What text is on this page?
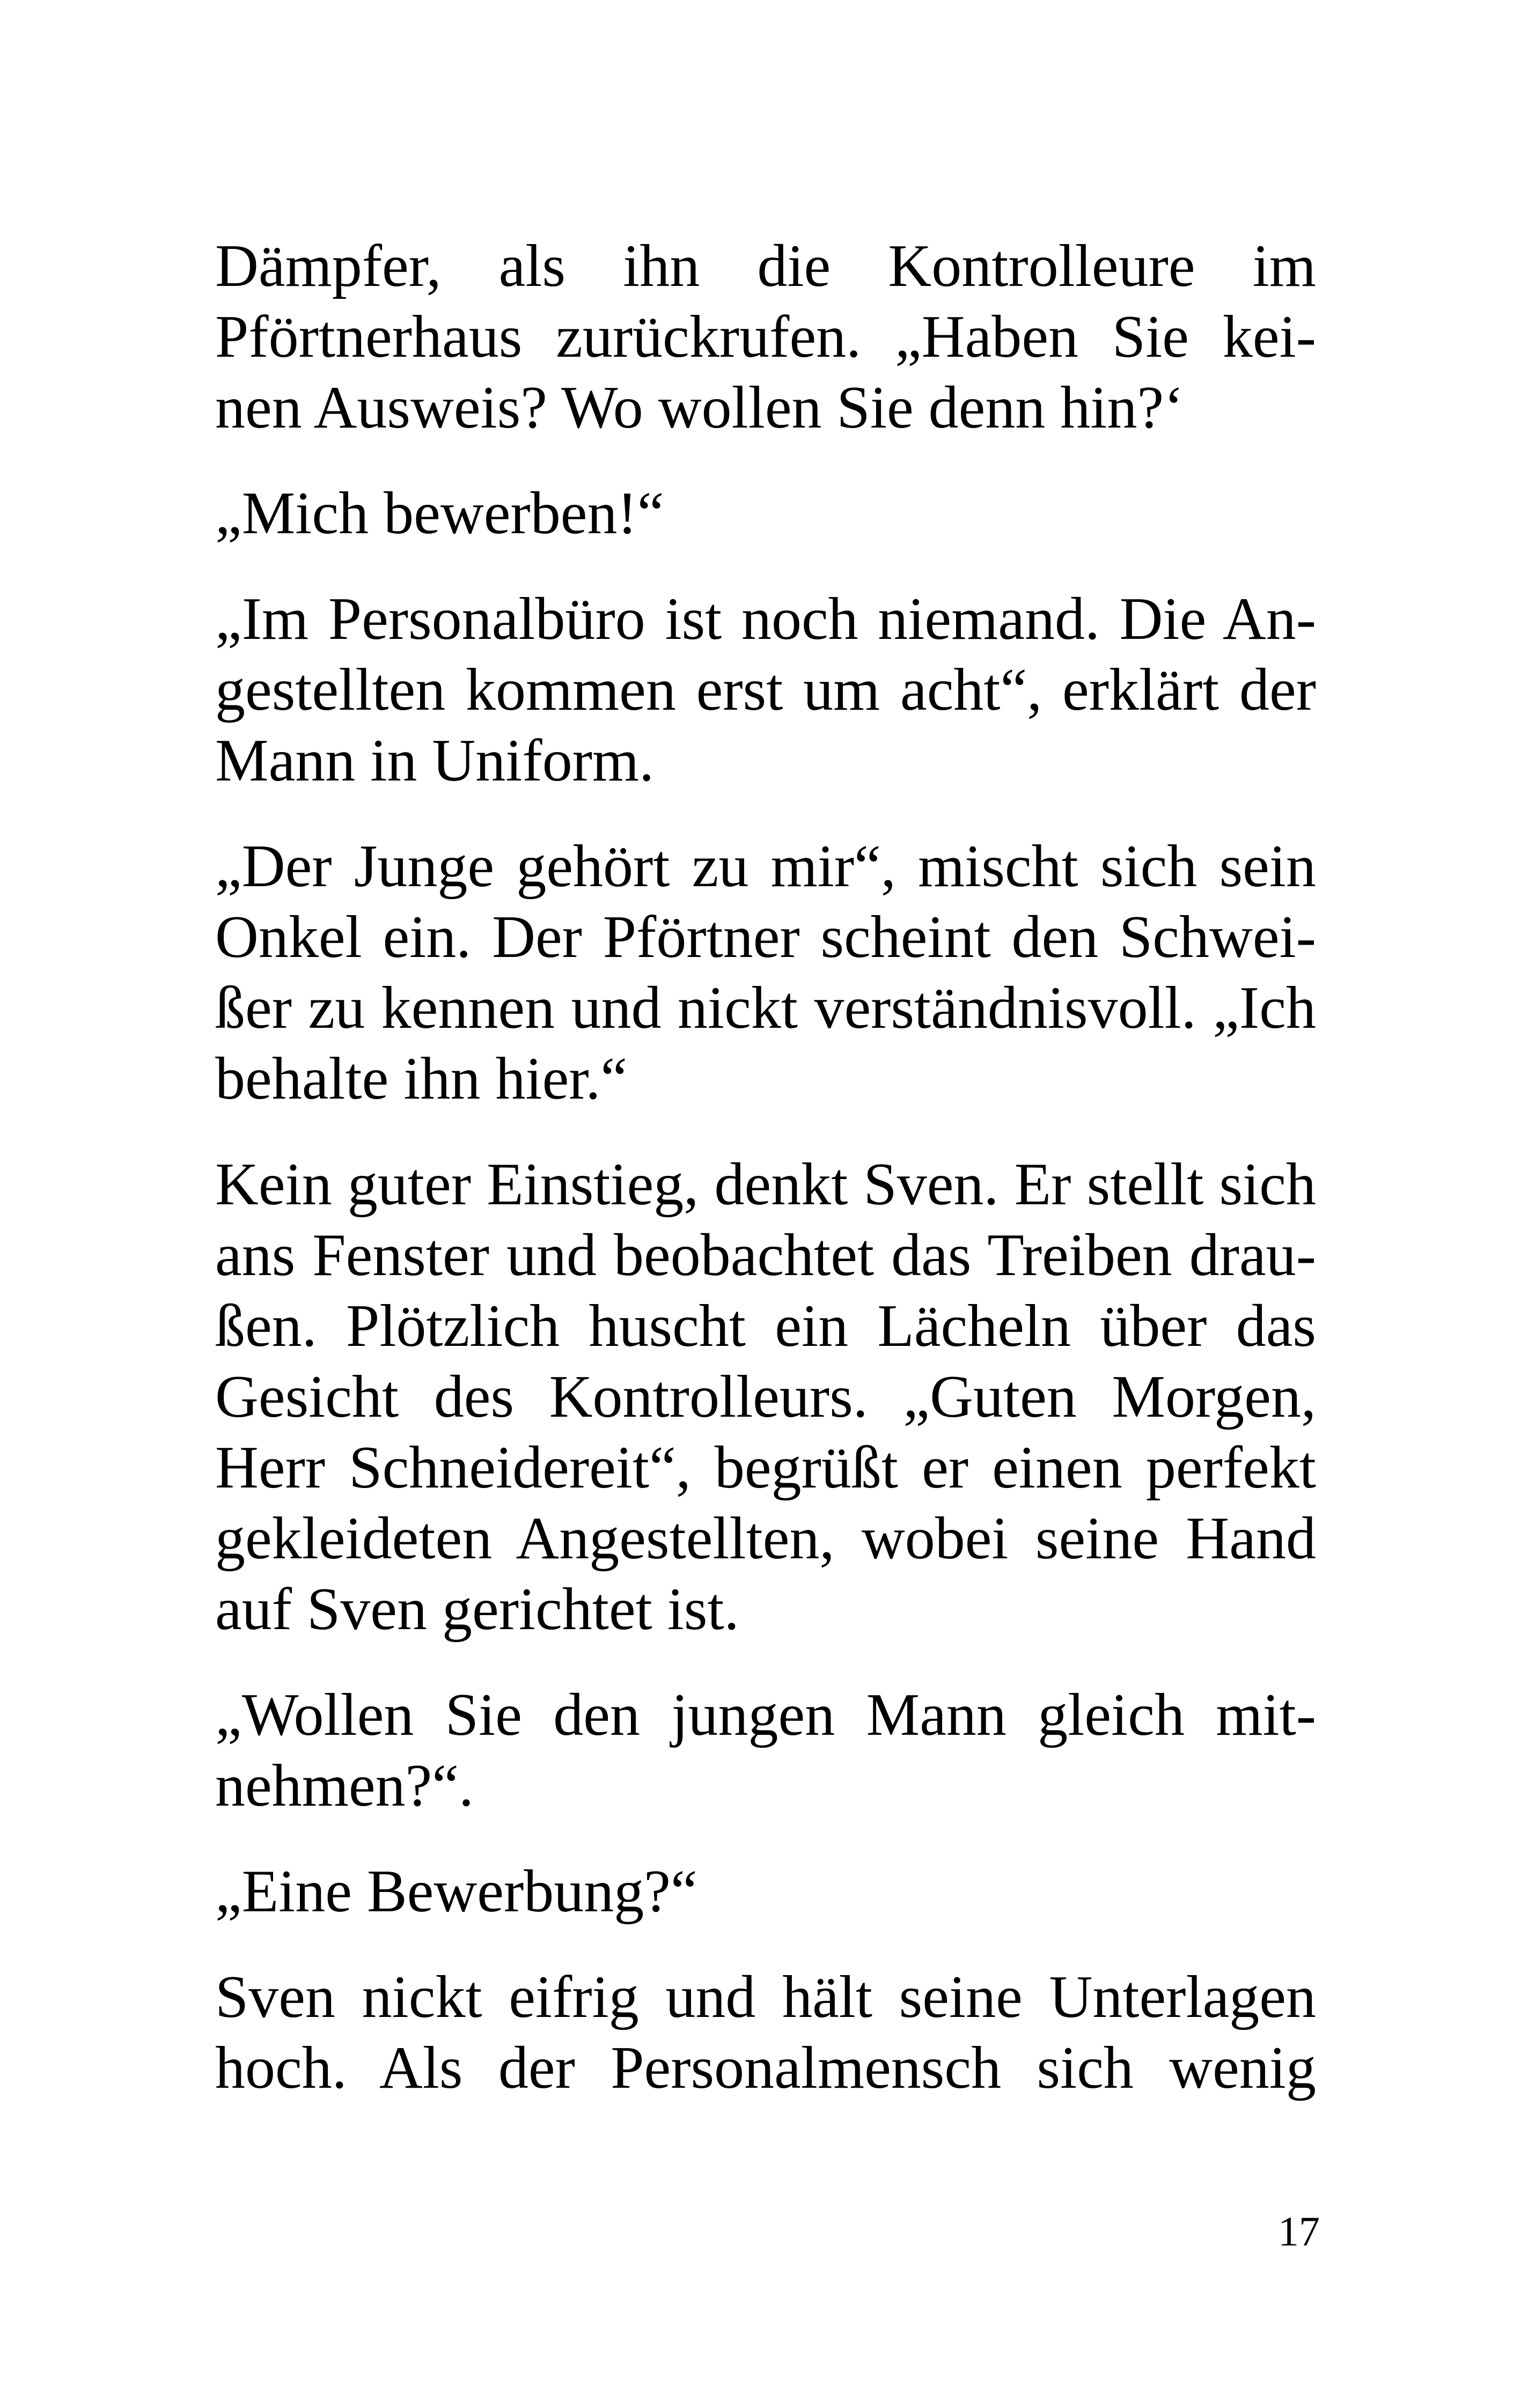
Dämpfer, als ihn die Kontrolleure im
Pförtnerhaus zurückrufen. „Haben Sie kei-
nen Ausweis? Wo wollen Sie denn hin?‘

„Mich bewerben!“

„Im Personalbüro ist noch niemand. Die An-
gestellten kommen erst um acht“, erklärt der
Mann in Uniform.

„Der Junge gehört zu mir“, mischt sich sein
Onkel ein. Der Pförtner scheint den Schwei-
ßer zu kennen und nickt verständnisvoll. „Ich
behalte ihn hier.“

Kein guter Einstieg, denkt Sven. Er stellt sich
ans Fenster und beobachtet das Treiben drau-
ßen. Plötzlich huscht ein Lächeln über das
Gesicht des Kontrolleurs. „Guten Morgen,
Herr Schneidereit“, begrüßt er einen perfekt
gekleideten Angestellten, wobei seine Hand
auf Sven gerichtet ist.

„Wollen Sie den jungen Mann gleich mit-
nehmen?“.

„Eine Bewerbung?“

Sven nickt eifrig und hält seine Unterlagen
hoch. Als der Personalmensch sich wenig

17
